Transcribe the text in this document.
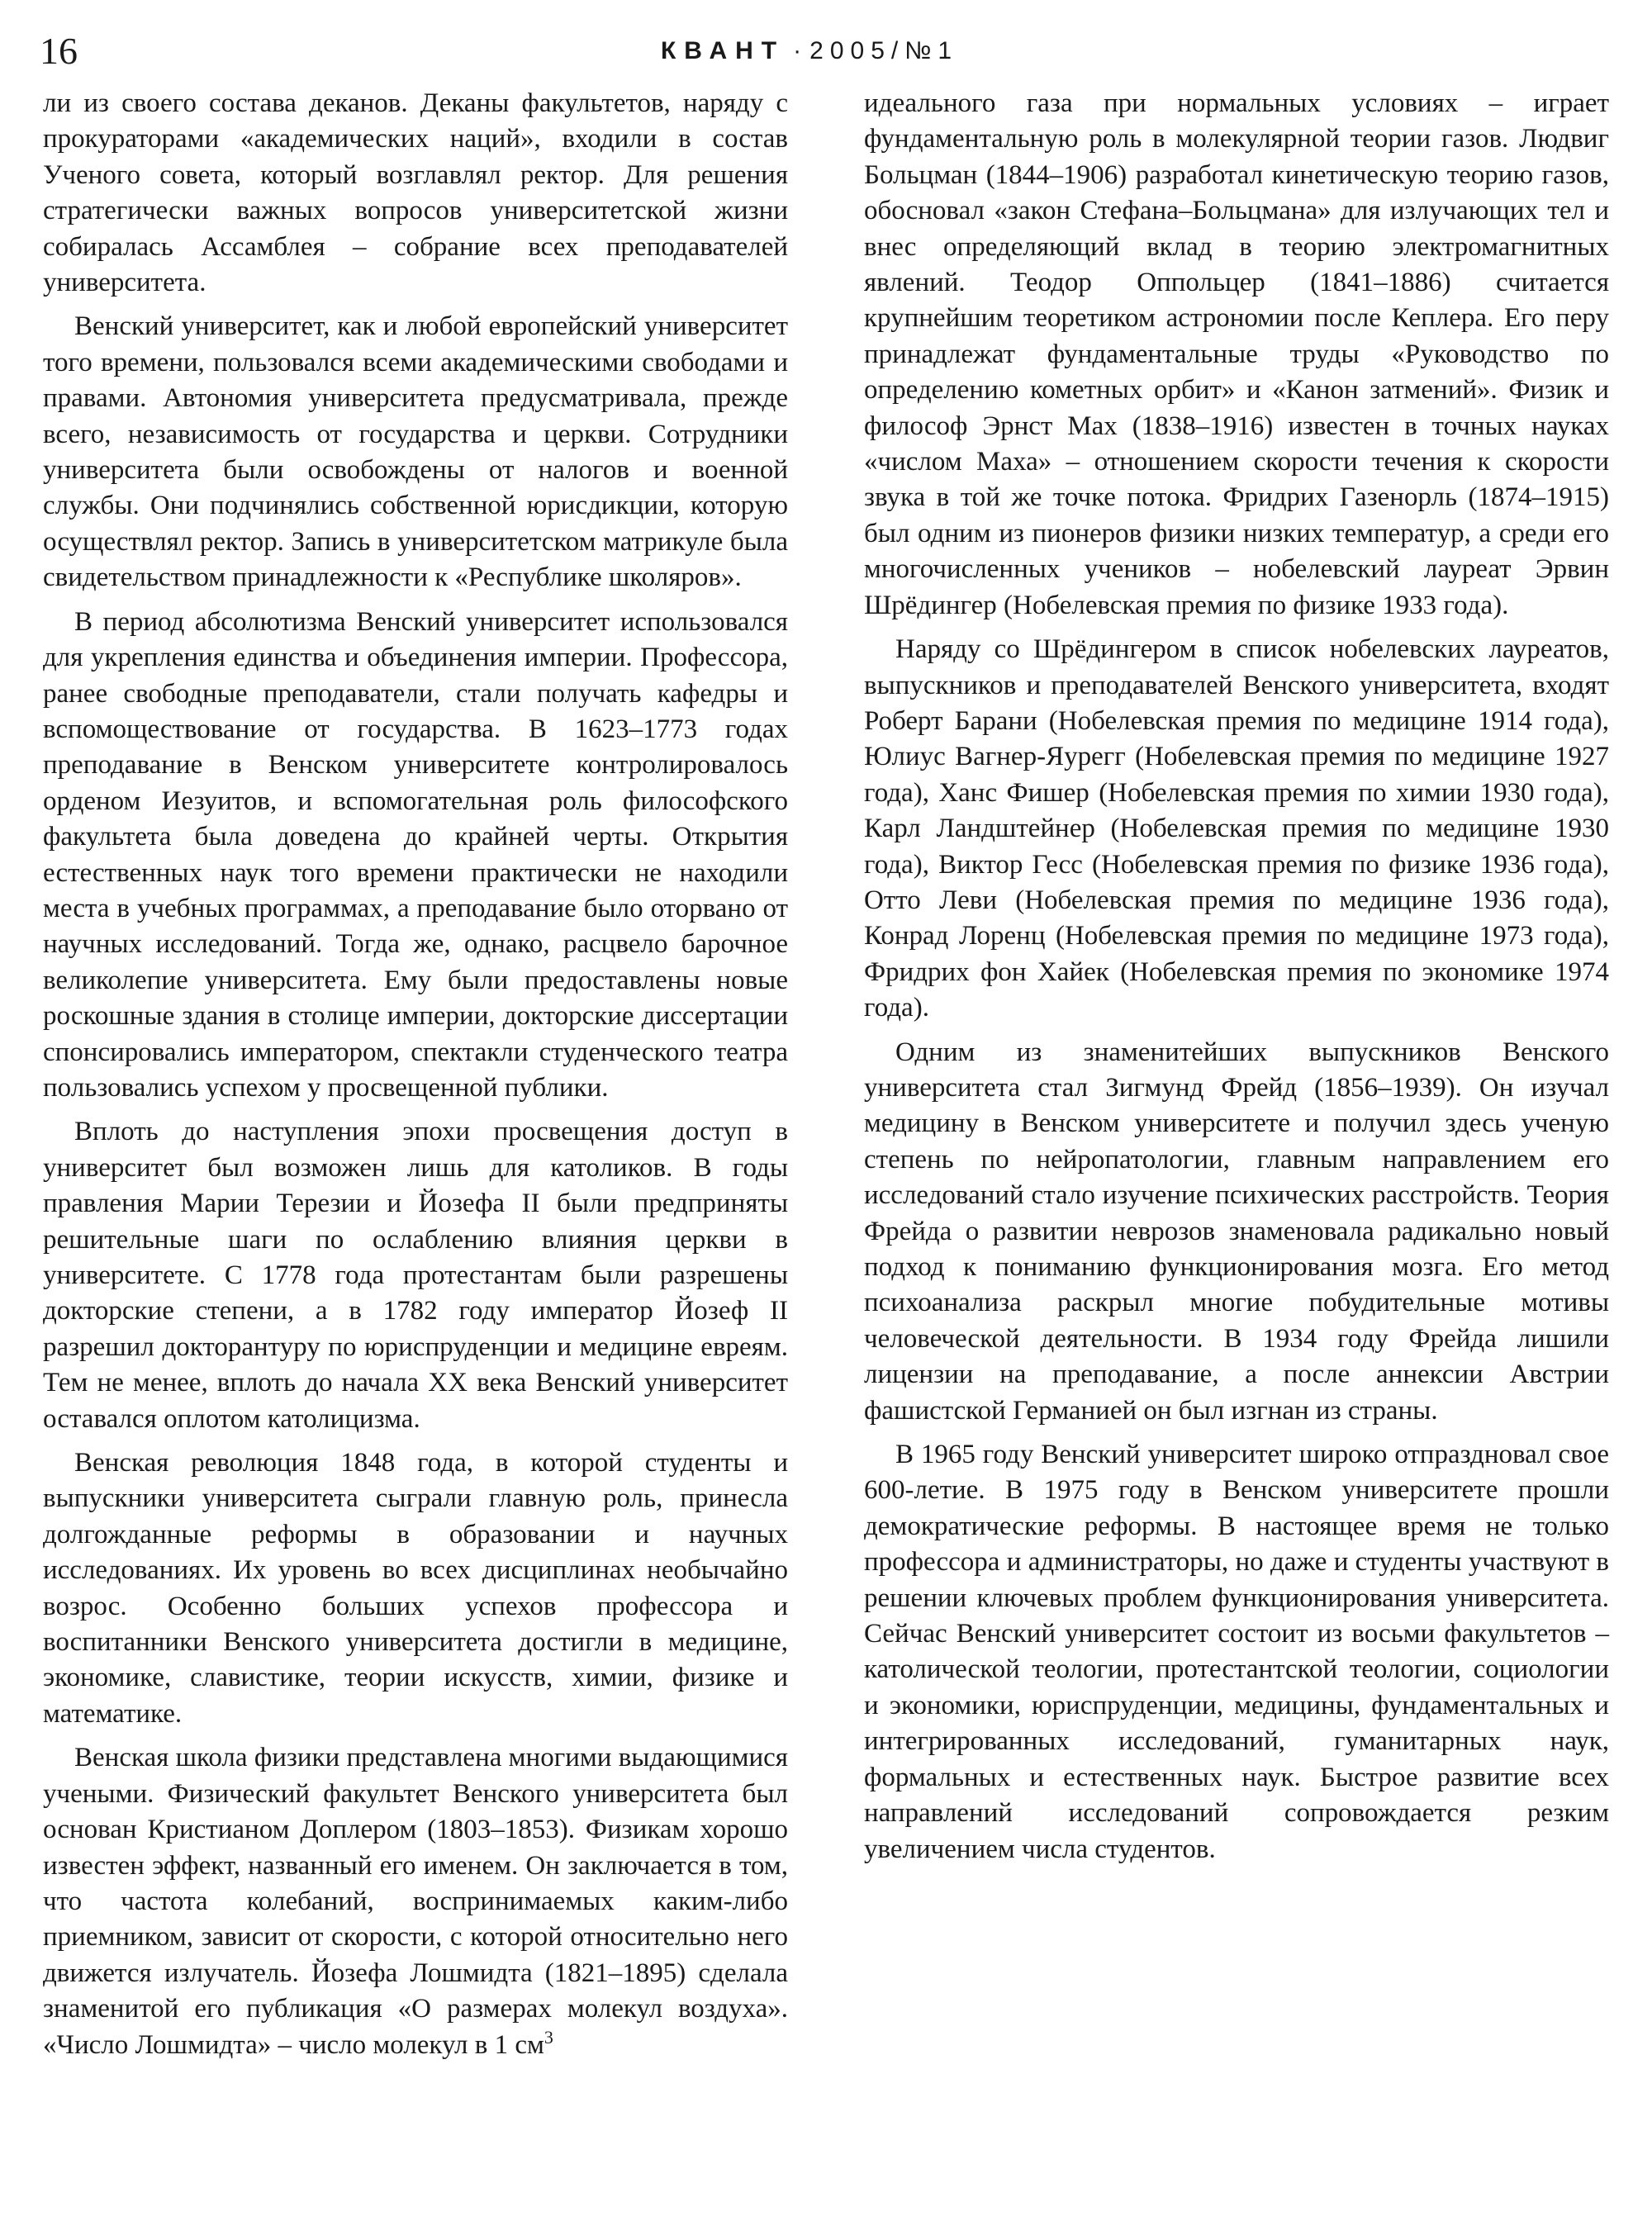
16	КВАНТ · 2005/№1

ли из своего состава деканов. Деканы факультетов, наряду с прокураторами «академических наций», входили в состав Ученого совета, который возглавлял ректор. Для решения стратегически важных вопросов университетской жизни собиралась Ассамблея – собрание всех преподавателей университета.

Венский университет, как и любой европейский университет того времени, пользовался всеми академическими свободами и правами. Автономия университета предусматривала, прежде всего, независимость от государства и церкви. Сотрудники университета были освобождены от налогов и военной службы. Они подчинялись собственной юрисдикции, которую осуществлял ректор. Запись в университетском матрикуле была свидетельством принадлежности к «Республике школяров».

В период абсолютизма Венский университет использовался для укрепления единства и объединения империи. Профессора, ранее свободные преподаватели, стали получать кафедры и вспомоществование от государства. В 1623–1773 годах преподавание в Венском университете контролировалось орденом Иезуитов, и вспомогательная роль философского факультета была доведена до крайней черты. Открытия естественных наук того времени практически не находили места в учебных программах, а преподавание было оторвано от научных исследований. Тогда же, однако, расцвело барочное великолепие университета. Ему были предоставлены новые роскошные здания в столице империи, докторские диссертации спонсировались императором, спектакли студенческого театра пользовались успехом у просвещенной публики.

Вплоть до наступления эпохи просвещения доступ в университет был возможен лишь для католиков. В годы правления Марии Терезии и Йозефа II были предприняты решительные шаги по ослаблению влияния церкви в университете. С 1778 года протестантам были разрешены докторские степени, а в 1782 году император Йозеф II разрешил докторантуру по юриспруденции и медицине евреям. Тем не менее, вплоть до начала XX века Венский университет оставался оплотом католицизма.

Венская революция 1848 года, в которой студенты и выпускники университета сыграли главную роль, принесла долгожданные реформы в образовании и научных исследованиях. Их уровень во всех дисциплинах необычайно возрос. Особенно больших успехов профессора и воспитанники Венского университета достигли в медицине, экономике, славистике, теории искусств, химии, физике и математике.

Венская школа физики представлена многими выдающимися учеными. Физический факультет Венского университета был основан Кристианом Доплером (1803–1853). Физикам хорошо известен эффект, названный его именем. Он заключается в том, что частота колебаний, воспринимаемых каким-либо приемником, зависит от скорости, с которой относительно него движется излучатель. Йозефа Лошмидта (1821–1895) сделала знаменитой его публикация «О размерах молекул воздуха». «Число Лошмидта» – число молекул в 1 $см^3$

идеального газа при нормальных условиях – играет фундаментальную роль в молекулярной теории газов. Людвиг Больцман (1844–1906) разработал кинетическую теорию газов, обосновал «закон Стефана–Больцмана» для излучающих тел и внес определяющий вклад в теорию электромагнитных явлений. Теодор Оппольцер (1841–1886) считается крупнейшим теоретиком астрономии после Кеплера. Его перу принадлежат фундаментальные труды «Руководство по определению кометных орбит» и «Канон затмений». Физик и философ Эрнст Мах (1838–1916) известен в точных науках «числом Маха» – отношением скорости течения к скорости звука в той же точке потока. Фридрих Газенорль (1874–1915) был одним из пионеров физики низких температур, а среди его многочисленных учеников – нобелевский лауреат Эрвин Шрёдингер (Нобелевская премия по физике 1933 года).

Наряду со Шрёдингером в список нобелевских лауреатов, выпускников и преподавателей Венского университета, входят Роберт Барани (Нобелевская премия по медицине 1914 года), Юлиус Вагнер-Яурегг (Нобелевская премия по медицине 1927 года), Ханс Фишер (Нобелевская премия по химии 1930 года), Карл Ландштейнер (Нобелевская премия по медицине 1930 года), Виктор Гесс (Нобелевская премия по физике 1936 года), Отто Леви (Нобелевская премия по медицине 1936 года), Конрад Лоренц (Нобелевская премия по медицине 1973 года), Фридрих фон Хайек (Нобелевская премия по экономике 1974 года).

Одним из знаменитейших выпускников Венского университета стал Зигмунд Фрейд (1856–1939). Он изучал медицину в Венском университете и получил здесь ученую степень по нейропатологии, главным направлением его исследований стало изучение психических расстройств. Теория Фрейда о развитии неврозов знаменовала радикально новый подход к пониманию функционирования мозга. Его метод психоанализа раскрыл многие побудительные мотивы человеческой деятельности. В 1934 году Фрейда лишили лицензии на преподавание, а после аннексии Австрии фашистской Германией он был изгнан из страны.

В 1965 году Венский университет широко отпраздновал свое 600-летие. В 1975 году в Венском университете прошли демократические реформы. В настоящее время не только профессора и администраторы, но даже и студенты участвуют в решении ключевых проблем функционирования университета. Сейчас Венский университет состоит из восьми факультетов – католической теологии, протестантской теологии, социологии и экономики, юриспруденции, медицины, фундаментальных и интегрированных исследований, гуманитарных наук, формальных и естественных наук. Быстрое развитие всех направлений исследований сопровождается резким увеличением числа студентов.
